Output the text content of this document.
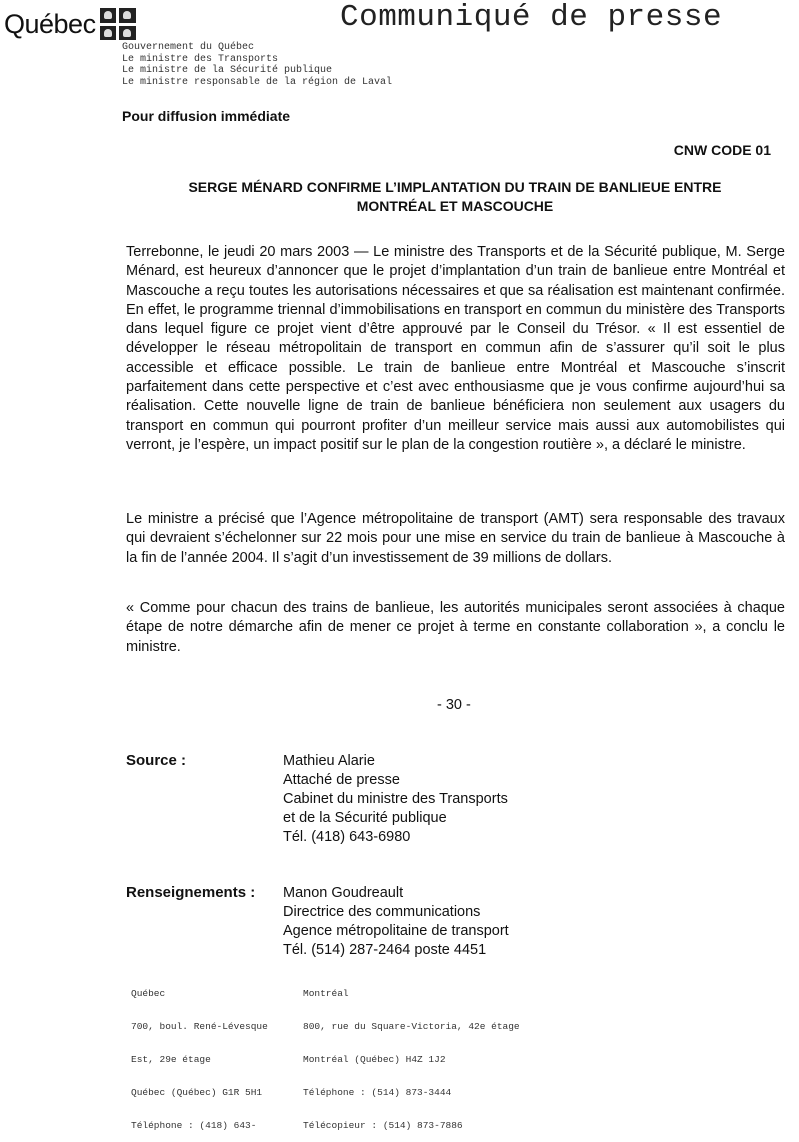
Québec	Communiqué de presse
Gouvernement du Québec
Le ministre des Transports
Le ministre de la Sécurité publique
Le ministre responsable de la région de Laval
Pour diffusion immédiate
CNW CODE 01
SERGE MÉNARD CONFIRME L’IMPLANTATION DU TRAIN DE BANLIEUE ENTRE
MONTRÉAL ET MASCOUCHE
Terrebonne, le jeudi 20 mars 2003 — Le ministre des Transports et de la Sécurité publique, M. Serge Ménard, est heureux d’annoncer que le projet d’implantation d’un train de banlieue entre Montréal et Mascouche a reçu toutes les autorisations nécessaires et que sa réalisation est maintenant confirmée. En effet, le programme triennal d’immobilisations en transport en commun du ministère des Transports dans lequel figure ce projet vient d’être approuvé par le Conseil du Trésor. « Il est essentiel de développer le réseau métropolitain de transport en commun afin de s’assurer qu’il soit le plus accessible et efficace possible. Le train de banlieue entre Montréal et Mascouche s’inscrit parfaitement dans cette perspective et c’est avec enthousiasme que je vous confirme aujourd’hui sa réalisation. Cette nouvelle ligne de train de banlieue bénéficiera non seulement aux usagers du transport en commun qui pourront profiter d’un meilleur service mais aussi aux automobilistes qui verront, je l’espère, un impact positif sur le plan de la congestion routière », a déclaré le ministre.
Le ministre a précisé que l’Agence métropolitaine de transport (AMT) sera responsable des travaux qui devraient s’échelonner sur 22 mois pour une mise en service du train de banlieue à Mascouche à la fin de l’année 2004. Il s’agit d’un investissement de 39 millions de dollars.
« Comme pour chacun des trains de banlieue, les autorités municipales seront associées à chaque étape de notre démarche afin de mener ce projet à terme en constante collaboration », a conclu le ministre.
- 30 -
Source :	Mathieu Alarie
Attaché de presse
Cabinet du ministre des Transports
et de la Sécurité publique
Tél. (418) 643-6980
Renseignements : Manon Goudreault
Directrice des communications
Agence métropolitaine de transport
Tél. (514) 287-2464 poste 4451

Québec

700, boul. René-Lévesque

Est, 29e étage

Québec (Québec) G1R 5H1

Téléphone : (418) 643-

Montréal

800, rue du Square-Victoria, 42e étage

Montréal (Québec) H4Z 1J2

Téléphone : (514) 873-3444

Télécopieur : (514) 873-7886
